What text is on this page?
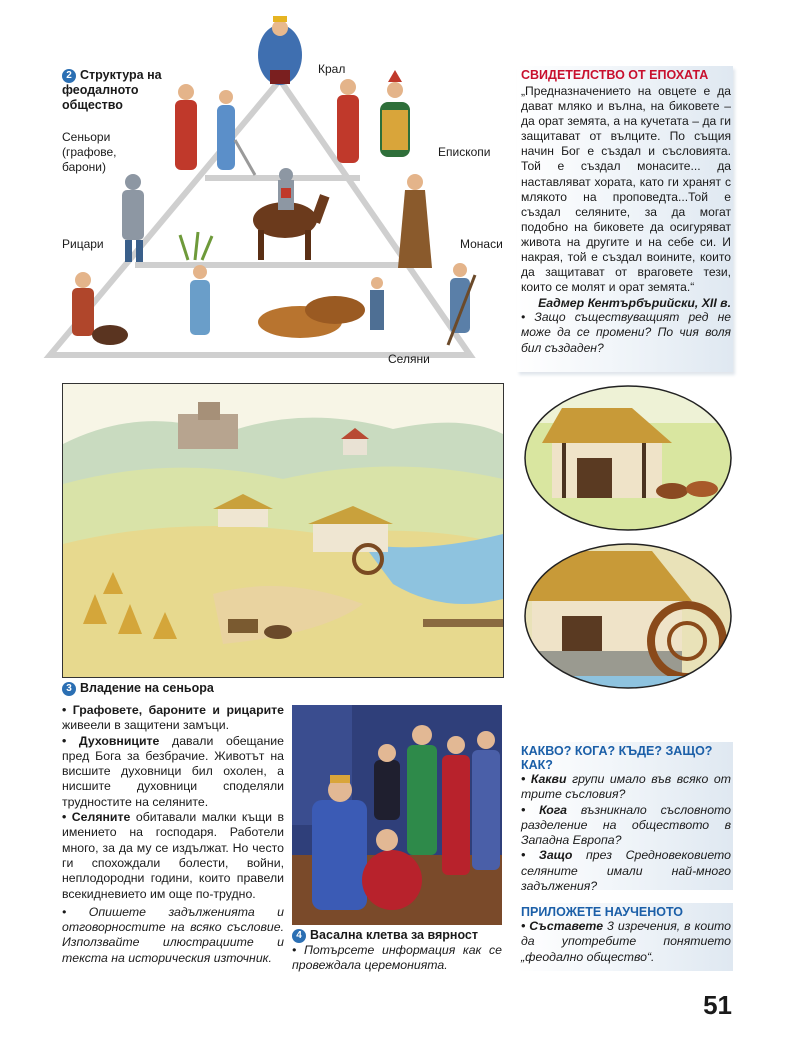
2 Структура на феодалното общество
Крал
Сеньори (графове, барони)
Епископи
Рицари	Монаси
Селяни
СВИДЕТЕЛСТВО ОТ ЕПОХАТА
„Предназначението на овцете е да дават мляко и вълна, на биковете – да орат земята, а на кучетата – да ги защитават от вълците. По същия начин Бог е създал и съсловията. Той е създал монасите... да наставляват хората, като ги хранят с млякото на проповедта...Той е създал селяните, за да могат подобно на биковете да осигуряват живота на другите и на себе си. И накрая, той е създал воините, които да защитават от враговете тези, които се молят и орат земята.“
Еадмер Кентърбърийски, XII в.
• Защо съществуващият ред не може да се промени? По чия воля бил създаден?
3 Владение на сеньора
• Графовете, бароните и рицарите живеели в защитени замъци.
• Духовниците давали обещание пред Бога за безбрачие. Животът на висшите духовници бил охолен, а нисшите духовници споделяли трудностите на селяните.
• Селяните обитавали малки къщи в имението на господаря. Работели много, за да му се издължат. Но често ги спохождали болести, войни, неплодородни години, които правели всекидневието им още по-трудно.
• Опишете задълженията и отговорностите на всяко съсловие. Използвайте илюстрациите и текста на историческия източник.
4 Васална клетва за вярност
• Потърсете информация как се провеждала церемонията.
КАКВО? КОГА? КЪДЕ? ЗАЩО? КАК?
• Какви групи имало във всяко от трите съсловия?
• Кога възникнало съсловното разделение на обществото в Западна Европа?
• Защо през Средновековието селяните имали най-много задължения?
ПРИЛОЖЕТЕ НАУЧЕНОТО
• Съставете 3 изречения, в които да употребите понятието „феодално общество“.
51
